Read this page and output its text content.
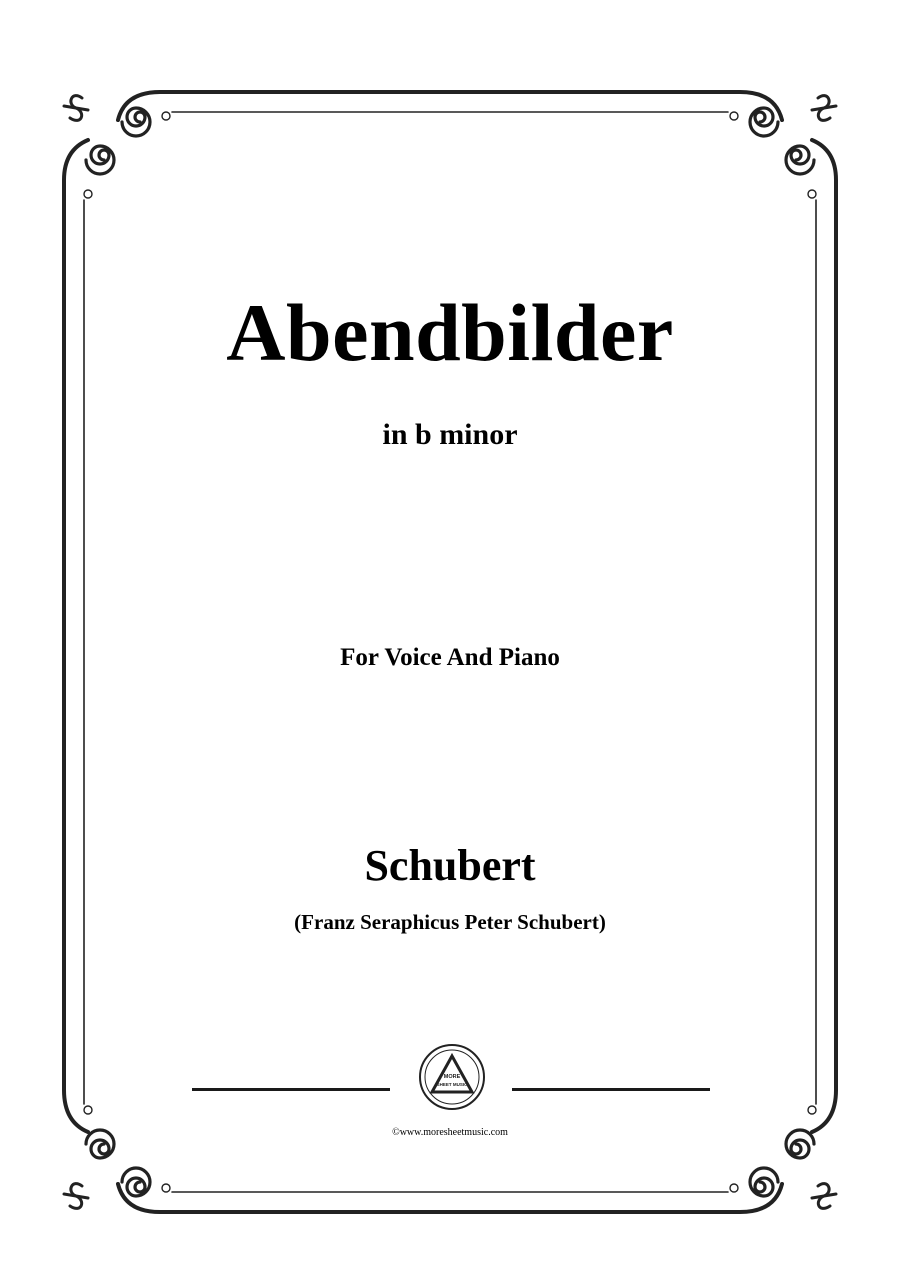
Abendbilder
in b minor
For Voice And Piano
Schubert
(Franz Seraphicus Peter Schubert)
MORE
SHEET MUSIC
©www.moresheetmusic.com
